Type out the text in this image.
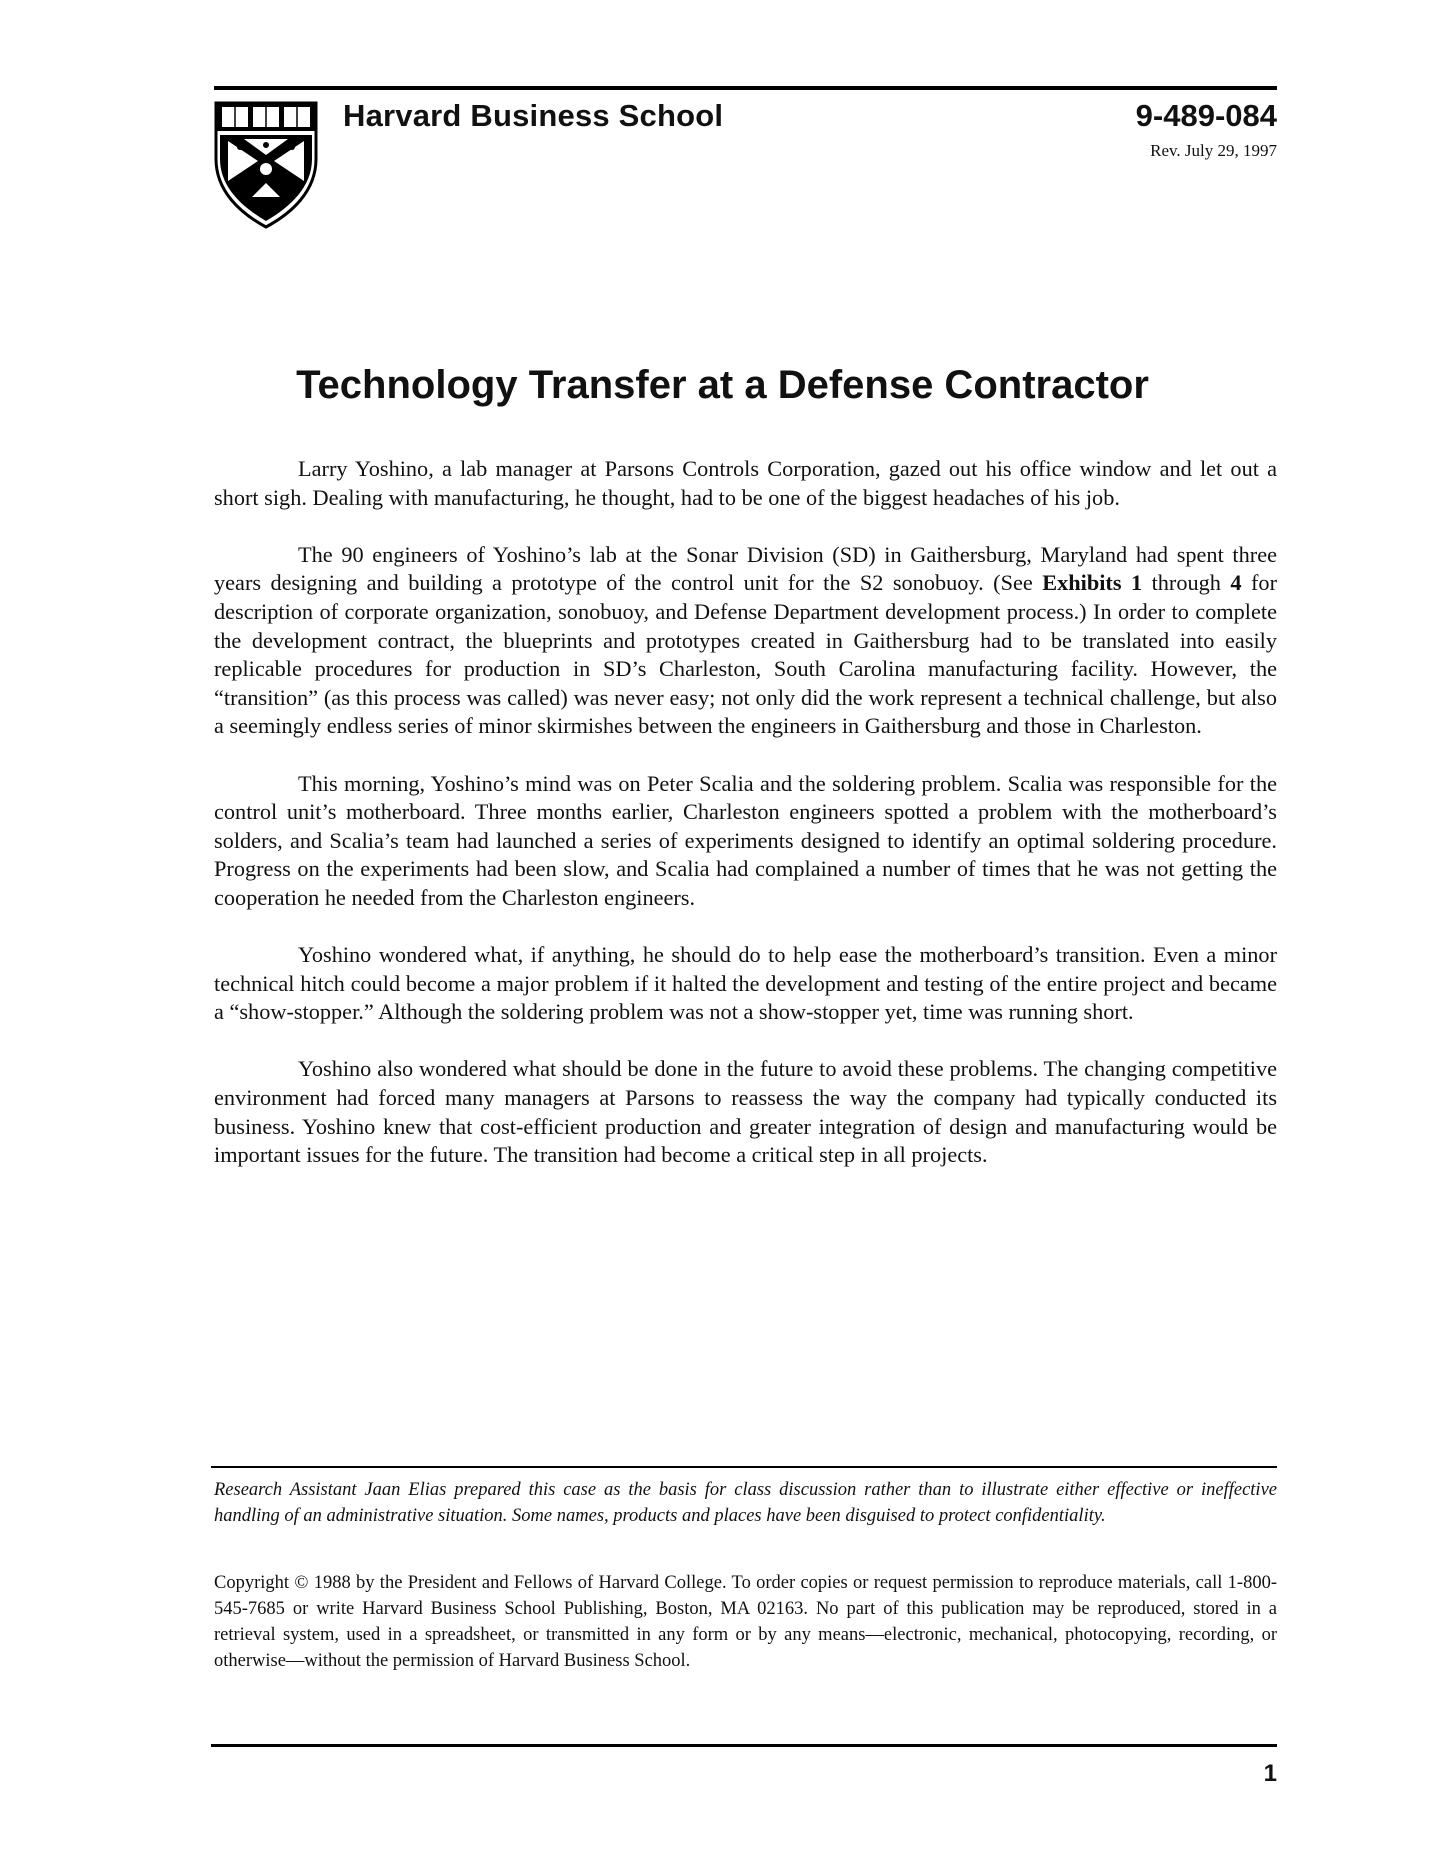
Harvard Business School	9-489-084
Rev. July 29, 1997
Technology Transfer at a Defense Contractor

Larry Yoshino, a lab manager at Parsons Controls Corporation, gazed out his office window and let out a short sigh. Dealing with manufacturing, he thought, had to be one of the biggest headaches of his job.

The 90 engineers of Yoshino’s lab at the Sonar Division (SD) in Gaithersburg, Maryland had spent three years designing and building a prototype of the control unit for the S2 sonobuoy. (See Exhibits 1 through 4 for description of corporate organization, sonobuoy, and Defense Department development process.) In order to complete the development contract, the blueprints and prototypes created in Gaithersburg had to be translated into easily replicable procedures for production in SD’s Charleston, South Carolina manufacturing facility. However, the “transition” (as this process was called) was never easy; not only did the work represent a technical challenge, but also a seemingly endless series of minor skirmishes between the engineers in Gaithersburg and those in Charleston.

This morning, Yoshino’s mind was on Peter Scalia and the soldering problem. Scalia was responsible for the control unit’s motherboard. Three months earlier, Charleston engineers spotted a problem with the motherboard’s solders, and Scalia’s team had launched a series of experiments designed to identify an optimal soldering procedure. Progress on the experiments had been slow, and Scalia had complained a number of times that he was not getting the cooperation he needed from the Charleston engineers.

Yoshino wondered what, if anything, he should do to help ease the motherboard’s transition. Even a minor technical hitch could become a major problem if it halted the development and testing of the entire project and became a “show-stopper.” Although the soldering problem was not a show-stopper yet, time was running short.

Yoshino also wondered what should be done in the future to avoid these problems. The changing competitive environment had forced many managers at Parsons to reassess the way the company had typically conducted its business. Yoshino knew that cost-efficient production and greater integration of design and manufacturing would be important issues for the future. The transition had become a critical step in all projects.

Research Assistant Jaan Elias prepared this case as the basis for class discussion rather than to illustrate either effective or ineffective handling of an administrative situation. Some names, products and places have been disguised to protect confidentiality.
Copyright © 1988 by the President and Fellows of Harvard College. To order copies or request permission to reproduce materials, call 1-800-545-7685 or write Harvard Business School Publishing, Boston, MA 02163. No part of this publication may be reproduced, stored in a retrieval system, used in a spreadsheet, or transmitted in any form or by any means—electronic, mechanical, photocopying, recording, or otherwise—without the permission of Harvard Business School.
1
